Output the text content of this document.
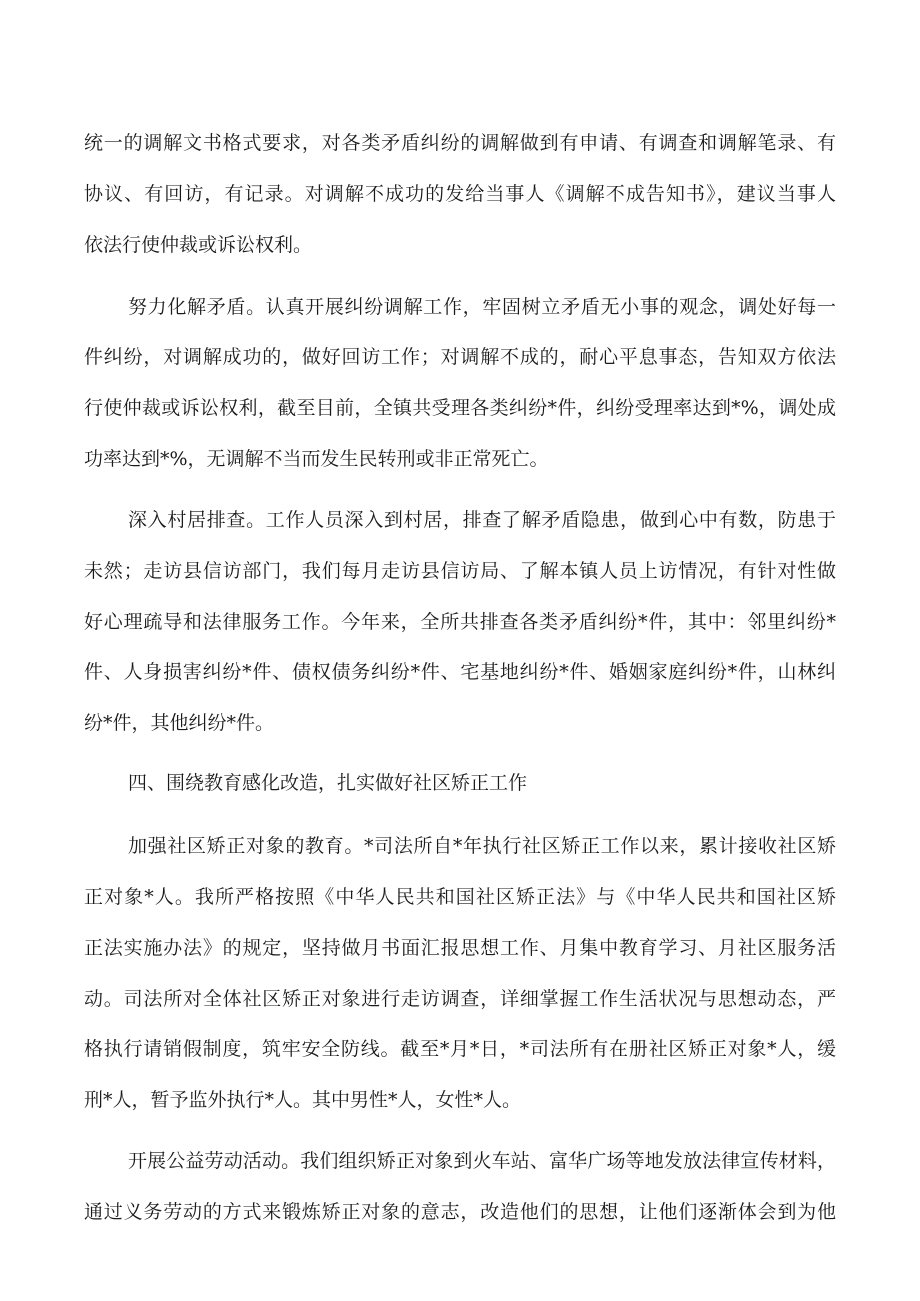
统一的调解文书格式要求，对各类矛盾纠纷的调解做到有申请、有调查和调解笔录、有
协议、有回访，有记录。对调解不成功的发给当事人《调解不成告知书》，建议当事人
依法行使仲裁或诉讼权利。
努力化解矛盾。认真开展纠纷调解工作，牢固树立矛盾无小事的观念，调处好每一
件纠纷，对调解成功的，做好回访工作；对调解不成的，耐心平息事态，告知双方依法
行使仲裁或诉讼权利，截至目前，全镇共受理各类纠纷*件，纠纷受理率达到*%，调处成
功率达到*%，无调解不当而发生民转刑或非正常死亡。
深入村居排查。工作人员深入到村居，排查了解矛盾隐患，做到心中有数，防患于
未然；走访县信访部门，我们每月走访县信访局、了解本镇人员上访情况，有针对性做
好心理疏导和法律服务工作。今年来，全所共排查各类矛盾纠纷*件，其中：邻里纠纷*
件、人身损害纠纷*件、债权债务纠纷*件、宅基地纠纷*件、婚姻家庭纠纷*件，山林纠
纷*件，其他纠纷*件。
四、围绕教育感化改造，扎实做好社区矫正工作
加强社区矫正对象的教育。*司法所自*年执行社区矫正工作以来，累计接收社区矫
正对象*人。我所严格按照《中华人民共和国社区矫正法》与《中华人民共和国社区矫
正法实施办法》的规定，坚持做月书面汇报思想工作、月集中教育学习、月社区服务活
动。司法所对全体社区矫正对象进行走访调查，详细掌握工作生活状况与思想动态，严
格执行请销假制度，筑牢安全防线。截至*月*日，*司法所有在册社区矫正对象*人，缓
刑*人，暂予监外执行*人。其中男性*人，女性*人。
开展公益劳动活动。我们组织矫正对象到火车站、富华广场等地发放法律宣传材料，
通过义务劳动的方式来锻炼矫正对象的意志，改造他们的思想，让他们逐渐体会到为他
